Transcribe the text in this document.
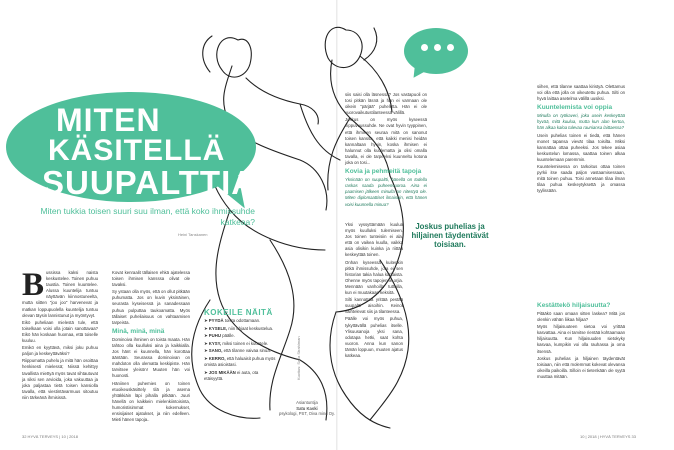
MITEN
KÄSITELLÄ
SUUPALTTIA?
Miten tukkia toisen suuri suu ilman, että koko ihmissuhde katkeaa?
Heini Tanskanen
B ussissa kaksi naista keskustelee. Toinen puhuu taustia. Toinen kuuntelee. Alussa kuuntelija tuntuu näyttävän kiinnostuneelta, mutta siitten "joo joo" harvenevat ja matkan loppupuolella kuuntelija tuntuu olevan täysin lannistunut ja myöntyvyt.

Eikö puheliaan mielestä tule, että toiselkaan voisi olla jotain sanottavaa? Eikö hän koskaan huomaa, että toiselle kuuluu.

Emikö en kyyttävä, miksi joku puhuu paljon ja keskeyttäväksi?

Riippumatta puhelu ja mitä hän osoittaa henkisesti mielessä; Niissä kehittyy tavallista miettyä myös tavat sihtautuvat ja siksi sen arvioida, joka vakuuttaa ja joka paljastaa tietä toisen kansiolla tavalla, että viestintävarmuus sitoutuu niin tärkeänä ihmisissä.

Kovat kenraalit tällaisen ehkä ajatelessa toisen ihmisen kansssa olivat ole tavaksi.

Sy ystaan olla myös, että on ollut pitkään puhumatta. Jos on kuvin yksinäinen, seurasta kyseisessä ja sanadessaan puhua pulputtaa taukoamatta. Myös tällaiset puheliaisuus on vahtaamisen tarpeista.

Minä, minä, minä

Dominoiva ihminen on toista maata. Hän tahtoo olla kuulluksi aina ja kaikkialla. Jos hänt ei kuunnella, hän korottaa ääntään. Seurassa dominoivan on mahdoton olla olematta keskipiste. Hän tarvitsee yleisön! Muuten hän voi huonosti.

Häniinen puhemies on toinen etuoikeuskäsittely tilä ja asema yhtäkkiäin läpi pihalla pitkään. Juuri hänellä on kaikkein mielenkiintoisinta, humoristisimmat kokemukset, ensisijaiset ajatukset, ja niin edelleen. Mieti hänen tapoja..

KOKEILE NÄITÄ
➤ PYYDÄ toista odottamaan.
➤ KYSELE, niin ohjaat keskustelua.
➤ PUHU päälle.
➤ KYSY, miksi toinen ei kuuntele.
➤ SANO, että tilanne vaivaa sinua.
➤ KERRO, että haluaisit puhua myös omista asioistasi.
➤ JOS MIKÄÄN ei auta, ota etäisyyttä.	Kuvitus: Salla Strahlman
Asiantuntija
Satu Kaski
psykologi, PST, Oiva mind Oy.

siis saisi olla läsnessä? Jos vastapuoli on tosi pitkän läsnä ja hän ei varmaan ole oikein "pärjää" puhelutta. Hän ei ole vuorovaikutustilanteessa välillä.

Joskus on myös kyseessä riippuvuussuhde. Ne ovat hyvin tyyppinen, että ihminen seuraa mitä on sanonut toisen kanssa, että kaikki menisi heidän kannaltaan hyvin, koska ihmisen ei halunnut olla kuulematta ja olisi omalla tavalla, ei ole tarpeeksi kuunneltu kotona joka on tosi...

Kovia ja pehmeitä tapoja

Yksinään on suupaltti, hänellä on todella raskas saada puheenvuoroa. Aina ei paamisen jälkeen minulla on nitestyä ole. Miten diplomaattiset ilmaisuin, että hänen voisi kuunnella minua?

Yksi vyssyttämään kuulua myös kuulluksi tulemiseen. Jos toinen tunteisiin ei ala, että on vaikea kuulla, vaikka asia olisikin kuinka ja riittää keskeyttää toinen.

Onhan kyseessä kuitenkin pitkä ihmissuhde, jota ei sen historian takia halua katkaista. Ohenne myös tapojenne orjia. Mennään vanhoilla tuttuilla, kun ei muutakaan keksitä.

Silti kannattaa yrittää pestää suupaltti aisoihin. Keinot vaihtelevat siis ja tilanteessa.

Päälle voi myös puhua, tykyttävällä puhelias itselle. Ylisuusanoja yksi sana, odotapa hetki, saat kohta vuoron. Anna kun sanon tämän loppuun, muuten ajatus katkeaa.

Joskus puhelias ja hiljainen täydentävät toisiaan.

siihen, että tilanne saattaa kiristyä. Olettamus voi olla että jolla on oikeutettu puhua. Silti on hyvä laittaa asetelma välillä uusiksi.

Kuuntelemista voi oppia

Minulla on työkaveri, joka usein keskeyttää hyvää, mitä kuulua, mutta kun alan kertoa, hän alkaa kaloa tulevaa rauniansa laittaessa?

Usein puhelias toinen ei tiedä, että hänen monet tapansa vievät tilaa toisilta. Miksi kannattaa ottaa puheeksi. Jos tekee asiaa keskustelun lomassa, saattaa toinen alkaa kuuntelemaan paremmin.

Kuuntelemisessa on tarkoitus ottaa toinen pyrkii itse saada paljon vastaamisessaan, mitä toinen puhuu. Toisi annetaan tilaa ilman tilaa puhua keskeytyksettä ja omassa tyylissään.

Kestättekö hiljaisuutta?

Pitääkö saan omaan sitten laskea? Mitä jos olenkin vähän liikaa hiljaa?

Myös hiljaisuuteen sietoa voi yrittää kasvattaa. Aina ei tarvitse rientää kohtaamaan hiljaisuutta. Kun hiljaisuuden sietokyky kasvaa, kumpikin voi olla rauhassa ja oma itsensä.

Joskus puhelias ja hiljainen täydentävät toisiaan, niin että molemmat kokevat olevansa oikeilla paikoilla. Silloin ei tietenkään ole syytä muuttaa mitään.

32 HYVÄ TERVEYS | 10 | 2018	10 | 2018 | HYVÄ TERVEYS 33
